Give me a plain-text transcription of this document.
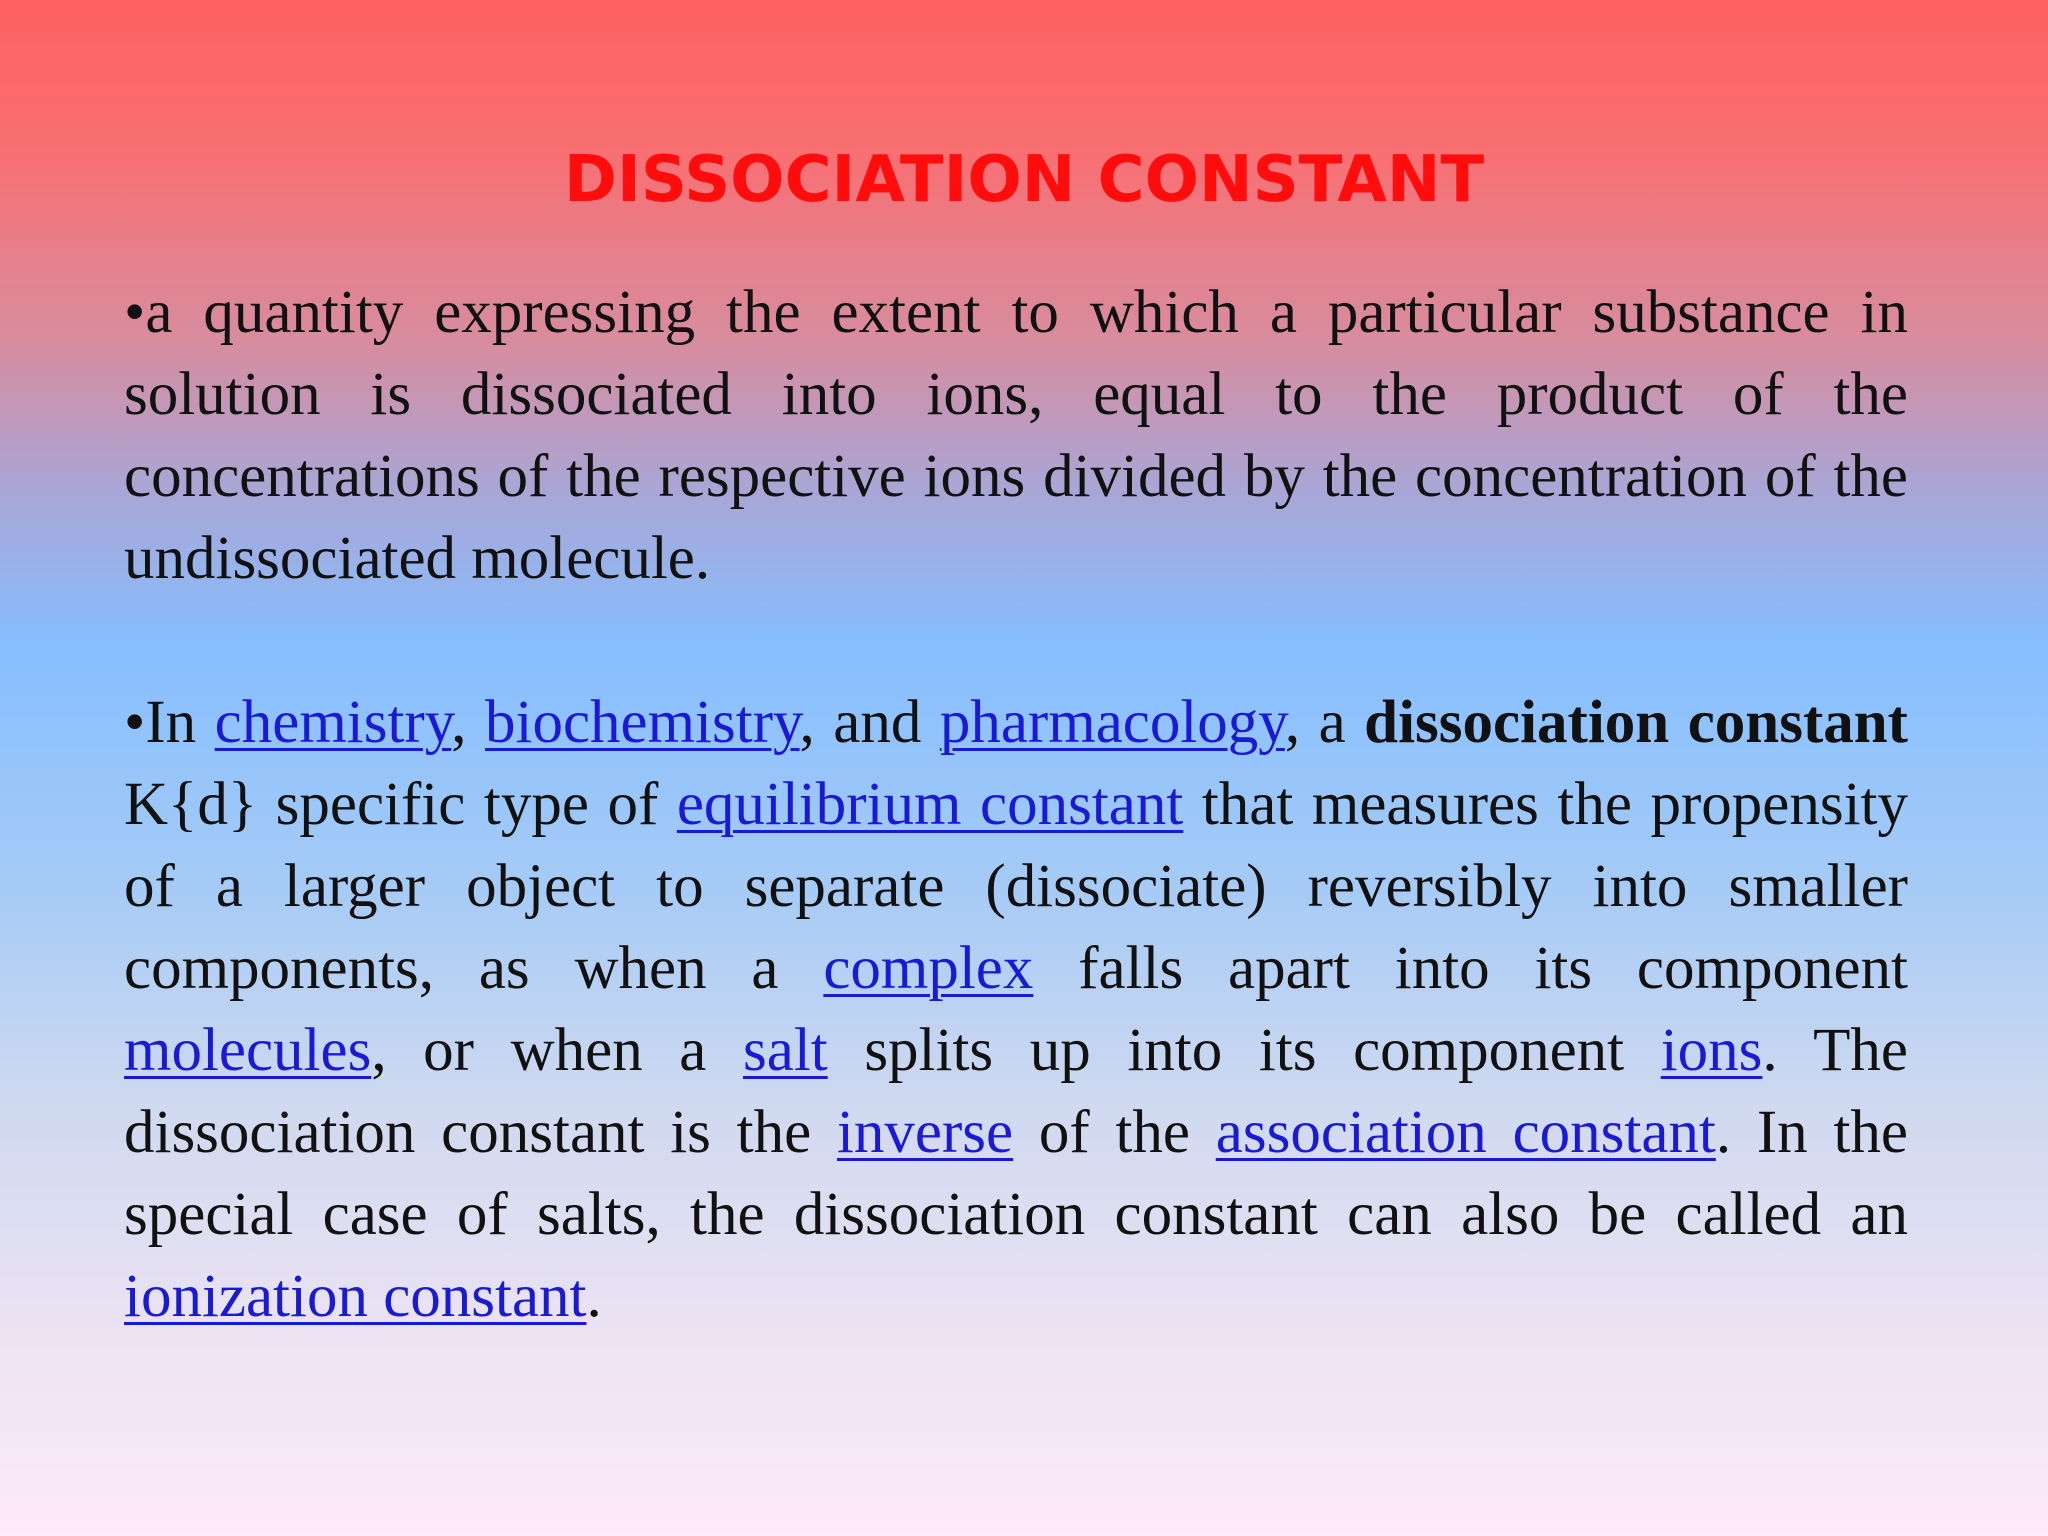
DISSOCIATION CONSTANT

•a quantity expressing the extent to which a particular substance in solution is dissociated into ions, equal to the product of the concentrations of the respective ions divided by the concentration of the undissociated molecule.

•In chemistry, biochemistry, and pharmacology, a dissociation constant K{d} specific type of equilibrium constant that measures the propensity of a larger object to separate (dissociate) reversibly into smaller components, as when a complex falls apart into its component molecules, or when a salt splits up into its component ions. The dissociation constant is the inverse of the association constant. In the special case of salts, the dissociation constant can also be called an ionization constant.
